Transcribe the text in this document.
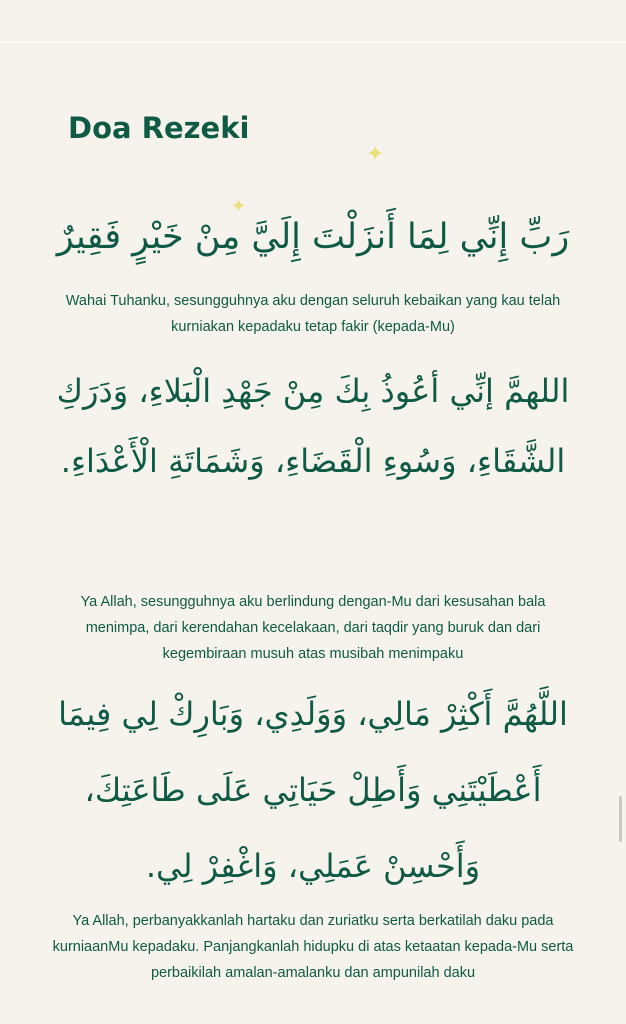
Doa Rezeki
✦
✦

رَبِّ إِنِّي لِمَا أَنزَلْتَ إِلَيَّ مِنْ خَيْرٍ فَقِيرٌ

Wahai Tuhanku, sesungguhnya aku dengan seluruh kebaikan yang kau telah kurniakan kepadaku tetap fakir (kepada-Mu)

اللهمَّ إنِّي أعُوذُ بِكَ مِنْ جَهْدِ الْبَلاءِ، وَدَرَكِ الشَّقَاءِ، وَسُوءِ الْقَضَاءِ، وَشَمَاتَةِ الْأَعْدَاءِ.

Ya Allah, sesungguhnya aku berlindung dengan-Mu dari kesusahan bala menimpa, dari kerendahan kecelakaan, dari taqdir yang buruk dan dari kegembiraan musuh atas musibah menimpaku

اللَّهُمَّ أَكْثِرْ مَالِي، وَوَلَدِي، وَبَارِكْ لِي فِيمَا أَعْطَيْتَنِي وَأَطِلْ حَيَاتِي عَلَى طَاعَتِكَ، وَأَحْسِنْ عَمَلِي، وَاغْفِرْ لِي.

Ya Allah, perbanyakkanlah hartaku dan zuriatku serta berkatilah daku pada kurniaanMu kepadaku. Panjangkanlah hidupku di atas ketaatan kepada-Mu serta perbaikilah amalan-amalanku dan ampunilah daku
